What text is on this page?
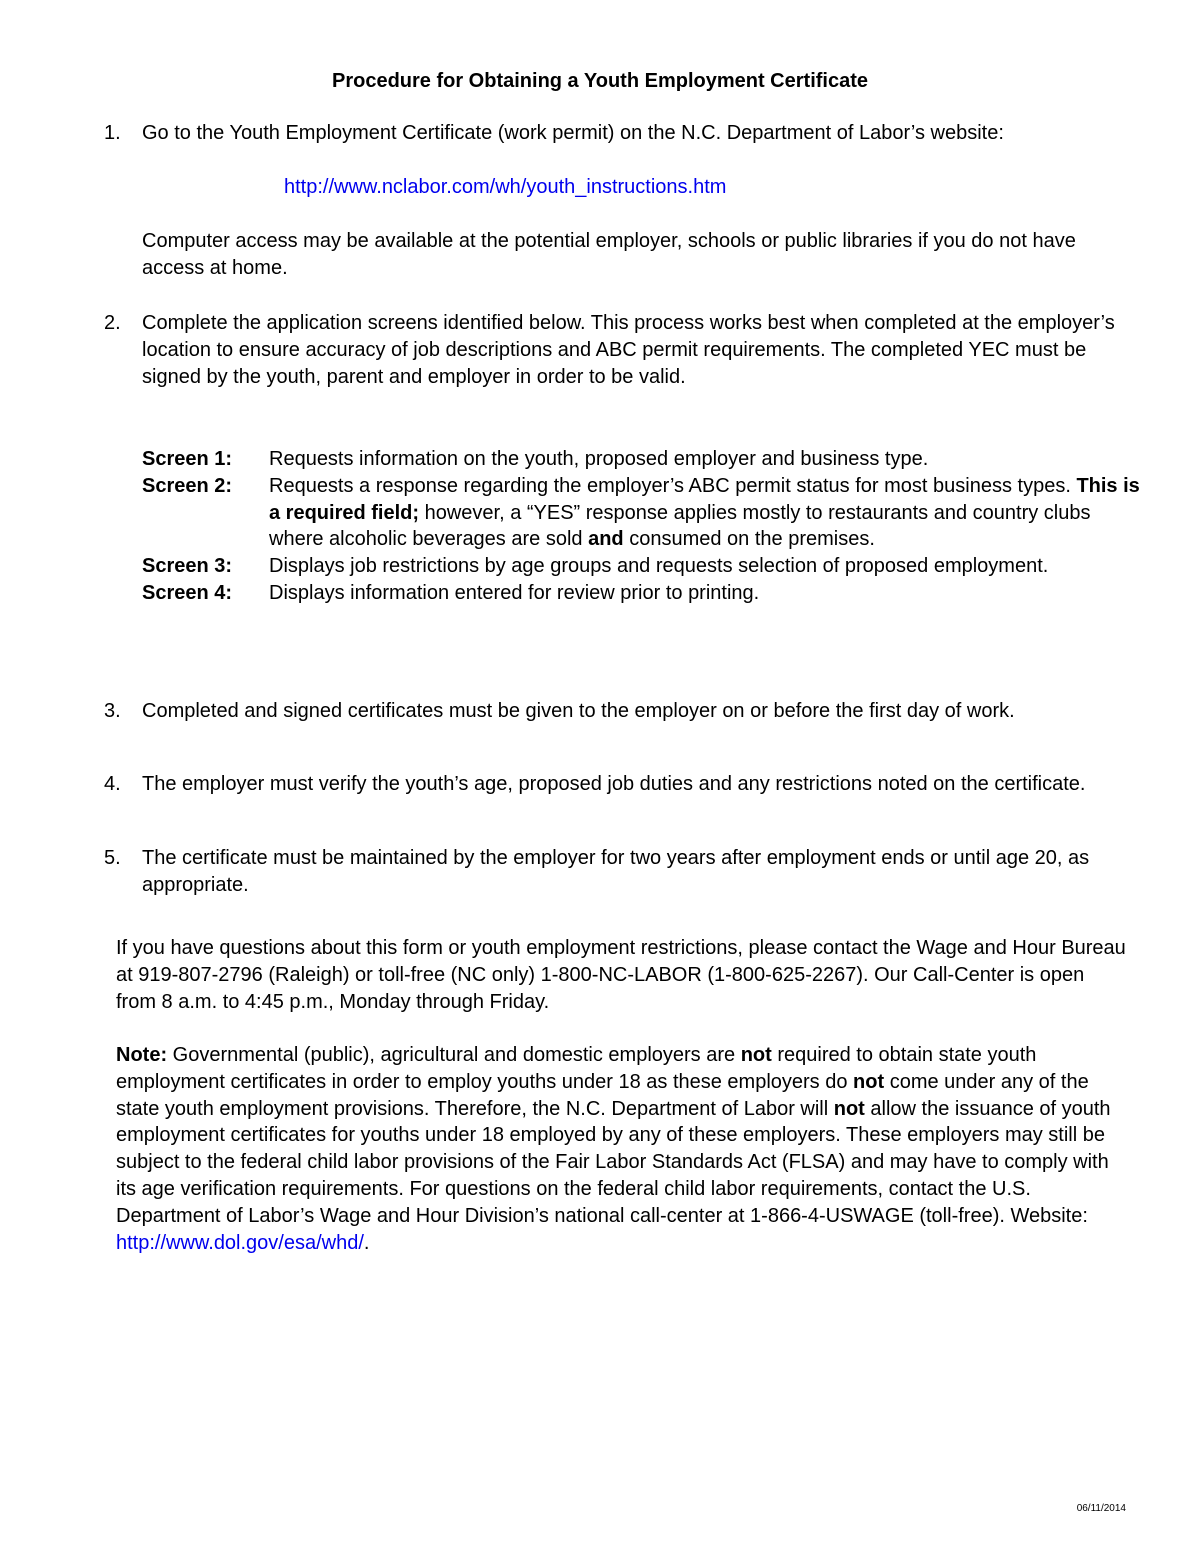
Procedure for Obtaining a Youth Employment Certificate
1.	Go to the Youth Employment Certificate (work permit) on the N.C. Department of Labor’s website:
http://www.nclabor.com/wh/youth_instructions.htm
Computer access may be available at the potential employer, schools or public libraries if you do not have access at home.
2.	Complete the application screens identified below. This process works best when completed at the employer’s location to ensure accuracy of job descriptions and ABC permit requirements. The completed YEC must be signed by the youth, parent and employer in order to be valid.
Screen 1:	Requests information on the youth, proposed employer and business type.
Screen 2:	Requests a response regarding the employer’s ABC permit status for most business types. This is a required field; however, a “YES” response applies mostly to restaurants and country clubs where alcoholic beverages are sold and consumed on the premises.
Screen 3:	Displays job restrictions by age groups and requests selection of proposed employment.
Screen 4:	Displays information entered for review prior to printing.
3.	Completed and signed certificates must be given to the employer on or before the first day of work.
4.	The employer must verify the youth’s age, proposed job duties and any restrictions noted on the certificate.
5.	The certificate must be maintained by the employer for two years after employment ends or until age 20, as appropriate.
If you have questions about this form or youth employment restrictions, please contact the Wage and Hour Bureau at 919-807-2796 (Raleigh) or toll-free (NC only) 1-800-NC-LABOR (1-800-625-2267). Our Call-Center is open from 8 a.m. to 4:45 p.m., Monday through Friday.
Note: Governmental (public), agricultural and domestic employers are not required to obtain state youth employment certificates in order to employ youths under 18 as these employers do not come under any of the state youth employment provisions. Therefore, the N.C. Department of Labor will not allow the issuance of youth employment certificates for youths under 18 employed by any of these employers. These employers may still be subject to the federal child labor provisions of the Fair Labor Standards Act (FLSA) and may have to comply with its age verification requirements. For questions on the federal child labor requirements, contact the U.S. Department of Labor’s Wage and Hour Division’s national call-center at 1-866-4-USWAGE (toll-free). Website: http://www.dol.gov/esa/whd/.
06/11/2014
